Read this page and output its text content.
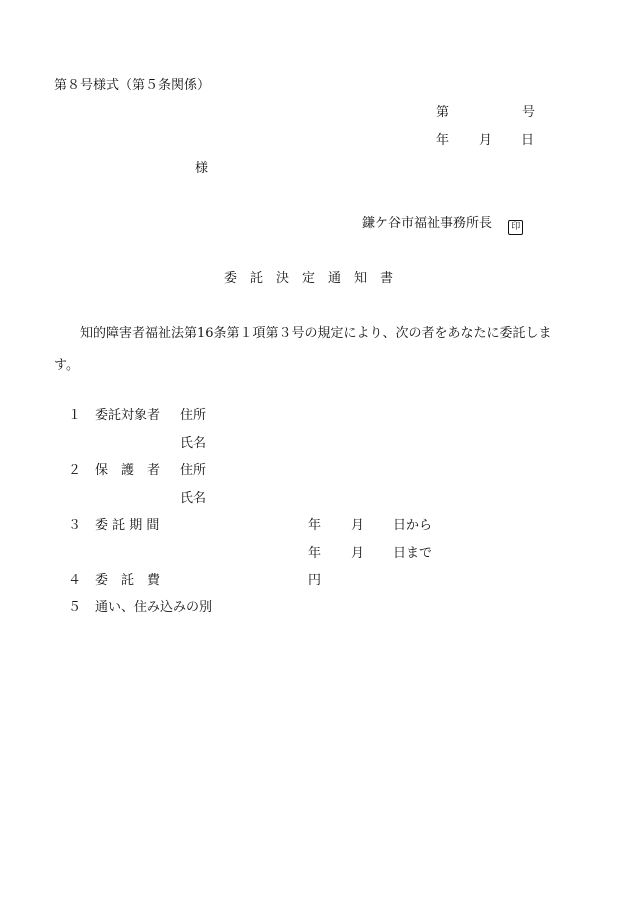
第８号様式（第５条関係）
第	号
年 月 日
様
鎌ケ谷市福祉事務所長 印
委　託　決　定　通　知　書
知的障害者福祉法第16条第１項第３号の規定により、次の者をあなたに委託します。
１ 委託対象者 住所
氏名
２ 保　護　者 住所
氏名
３ 委 託 期 間	年 月 日から
年 月 日まで
４ 委　託　費	円
５ 通い、住み込みの別
